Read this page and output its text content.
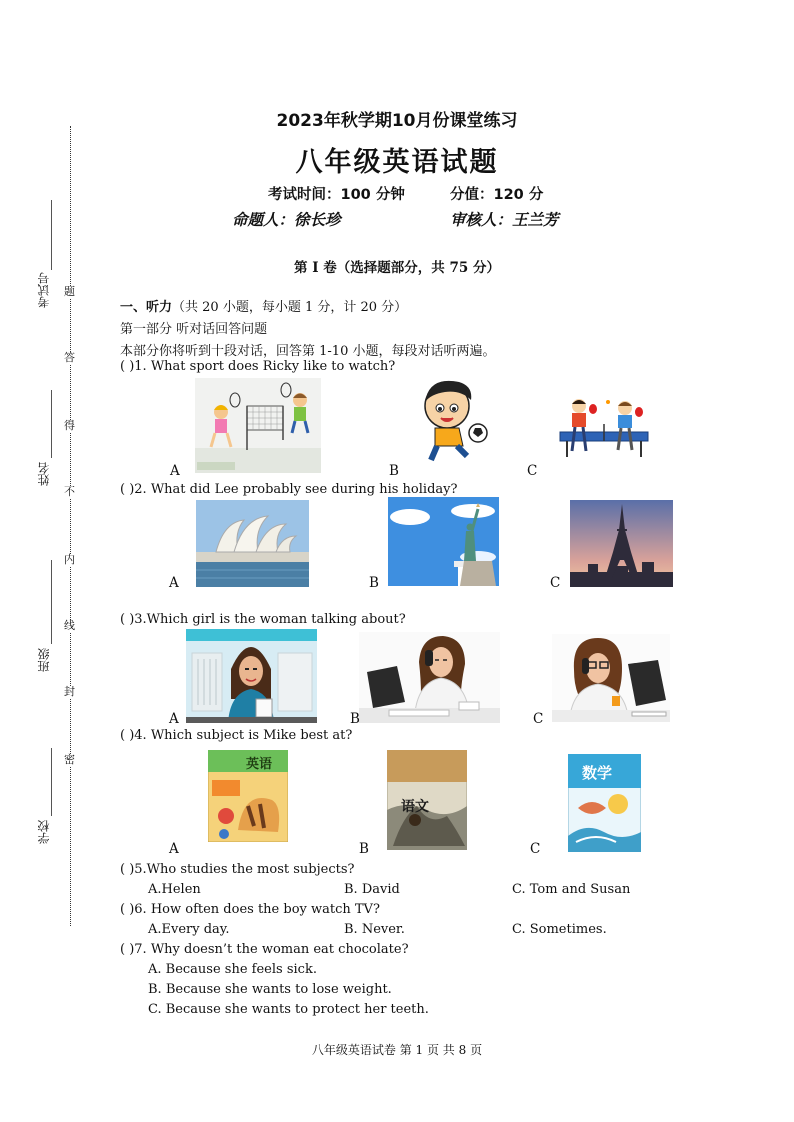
考试号
姓名
班级
学校
题
答
得
不
内
线
封
密
2023年秋学期10月份课堂练习
八年级英语试题
考试时间：100 分钟	分值：120 分
命题人：徐长珍	审核人：王兰芳
第 Ⅰ 卷（选择题部分，共 75 分）
一、听力（共 20 小题，每小题 1 分，计 20 分）
第一部分 听对话回答问题
本部分你将听到十段对话，回答第 1-10 小题，每段对话听两遍。
( )1. What sport does Ricky like to watch?
A	B	C
( )2. What did Lee probably see during his holiday?
A	B	C
( )3.Which girl is the woman talking about?
A	B	C
( )4. Which subject is Mike best at?
英语
语文
数学
A	B	C
( )5.Who studies the most subjects?
A.Helen	B. David	C. Tom and Susan
( )6. How often does the boy watch TV?
A.Every day.	B. Never.	C. Sometimes.
( )7. Why doesn’t the woman eat chocolate?
A. Because she feels sick.
B. Because she wants to lose weight.
C. Because she wants to protect her teeth.
八年级英语试卷 第 1 页 共 8 页
